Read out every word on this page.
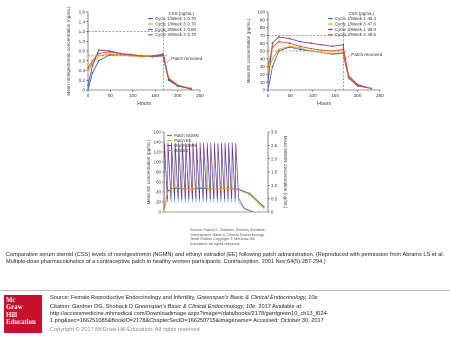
0
0.2
0.4
0.6
0.8
1.0
1.2
1.4
1.6
0	50	100	150	200	250
Hours
Mean norelgestromin concentration (ng/mL)	Patch removed
CSS (ng/mL)
Cycle 1/Week 1 0.70
Cycle 1/Week 3 0.70
Cycle 3/Week 1 0.80
Cycle 3/Week 3 0.70
0
10
20
30
40
50
60
70
80
90
100
0	50	100	150	200	250
Hours
Mean EE concentration (pg/mL)	Patch removed
CSS (pg/mL)
Cycle 1/Week 1 46.4
Cycle 1/Week 3 47.6
Cycle 3/Week 1 59.0
Cycle 3/Week 3 49.6
0
20
40
60
80
100
120
140
160
0
0.5
1.0
1.5
2.0
2.5
3.0
Mean EE concentration (pg/mL)	Mean NGMN concentration (ng/mL)
Patch NGMN
Patch EE
Oral NGMN
Oral EE
Source: David G. Gardner, Dolores Shoback: Greenspan's Basic & Clinical Endocrinology, Tenth Edition Copyright © McGraw-Hill Education. All rights reserved.
Comparative serum steroid (CSS) levels of norelgestromin (NGMN) and ethinyl estradiol (EE) following patch administration. (Reproduced with permission from Abrams LS et al. Multiple-dose pharmacokinetics of a contraceptive patch in healthy women participants. Contraception. 2001 Nov;64(5):287-294.)
Mc
Graw
Hill
Education
Source: Female Reproductive Endocrinology and Infertility, Greenspan's Basic & Clinical Endocrinology, 10e
Citation: Gardner DG, Shoback D Greenspan's Basic & Clinical Endocrinology, 10e; 2017 Available at:
http://accessmedicine.mhmedical.com/Downloadimage.aspx?image=/data/books/2178/gardgreen10_ch13_f024-
1.png&sec=166251085&BookID=2178&ChapterSecID=166250715&imagename= Accessed: October 30, 2017
Copyright © 2017 McGraw-Hill Education. All rights reserved
